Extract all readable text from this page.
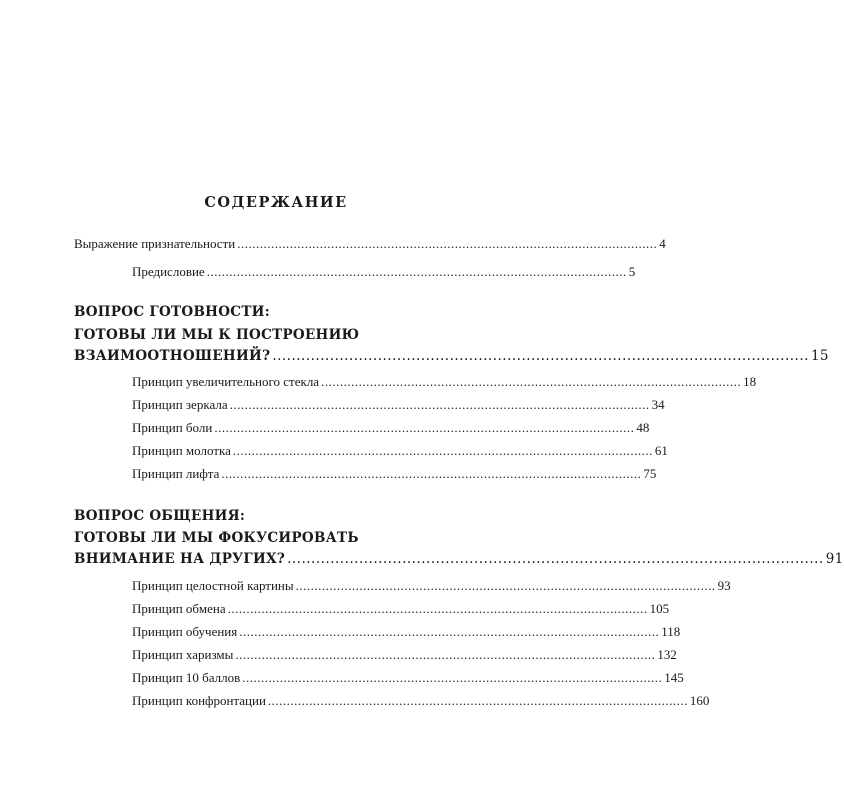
СОДЕРЖАНИЕ
Выражение признательности ................................................................................................................ 4
Предисловие ................................................................................................................ 5
ВОПРОС ГОТОВНОСТИ:
ГОТОВЫ ЛИ МЫ К ПОСТРОЕНИЮ
ВЗАИМООТНОШЕНИЙ? ................................................................................................................ 15
Принцип увеличительного стекла ................................................................................................................ 18
Принцип зеркала ................................................................................................................ 34
Принцип боли ................................................................................................................ 48
Принцип молотка ................................................................................................................ 61
Принцип лифта ................................................................................................................ 75
ВОПРОС ОБЩЕНИЯ:
ГОТОВЫ ЛИ МЫ ФОКУСИРОВАТЬ
ВНИМАНИЕ НА ДРУГИХ? ................................................................................................................ 91
Принцип целостной картины ................................................................................................................ 93
Принцип обмена ................................................................................................................ 105
Принцип обучения ................................................................................................................ 118
Принцип харизмы ................................................................................................................ 132
Принцип 10 баллов ................................................................................................................ 145
Принцип конфронтации ................................................................................................................ 160
